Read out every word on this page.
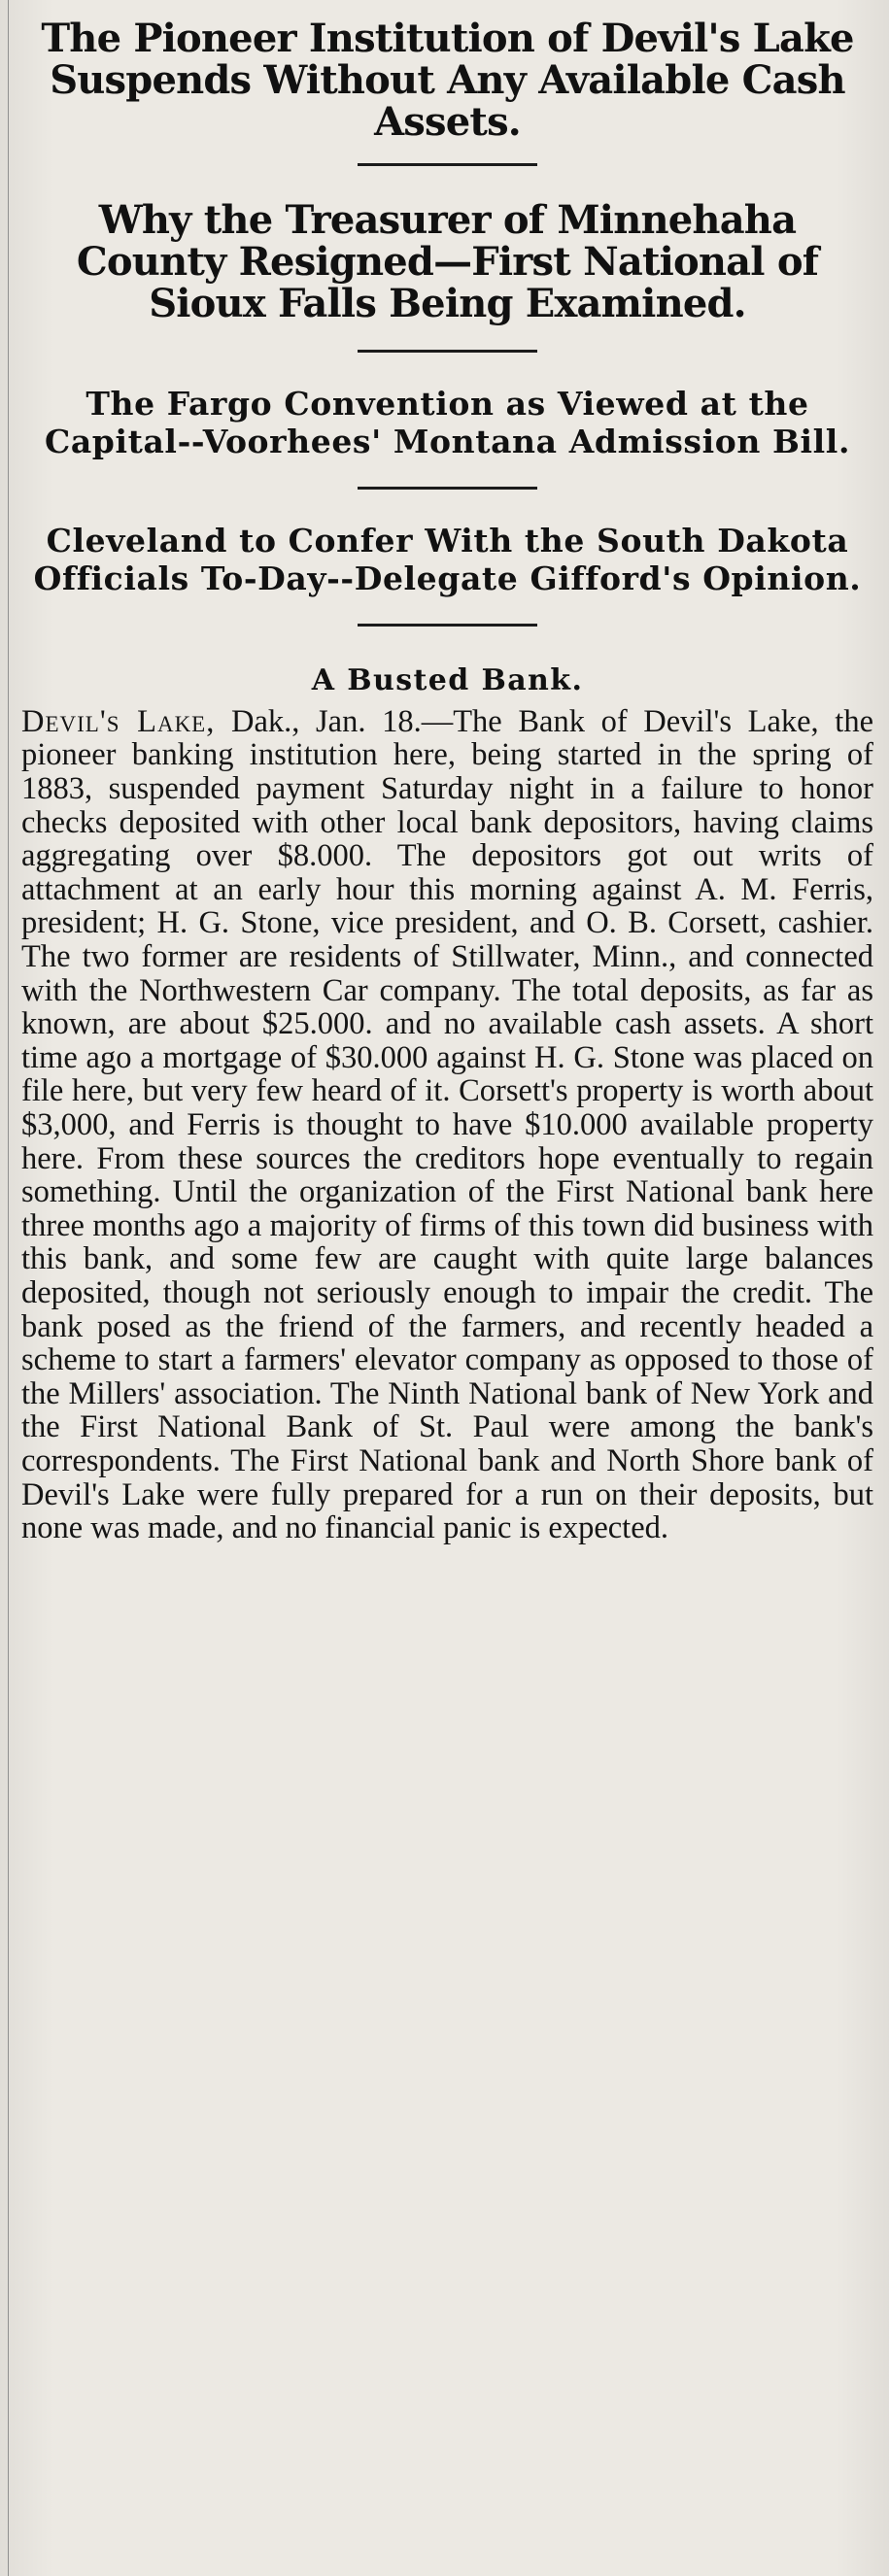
The Pioneer Institution of Devil's Lake Suspends Without Any Available Cash Assets.
Why the Treasurer of Minnehaha County Resigned—First National of Sioux Falls Being Examined.
The Fargo Convention as Viewed at the Capital--Voorhees' Montana Admission Bill.
Cleveland to Confer With the South Dakota Officials To-Day--Delegate Gifford's Opinion.
A Busted Bank.

Devil's Lake, Dak., Jan. 18.—The Bank of Devil's Lake, the pioneer banking institution here, being started in the spring of 1883, suspended payment Saturday night in a failure to honor checks deposited with other local bank depositors, having claims aggregating over $8.000. The depositors got out writs of attachment at an early hour this morning against A. M. Ferris, president; H. G. Stone, vice president, and O. B. Corsett, cashier. The two former are residents of Stillwater, Minn., and connected with the Northwestern Car company. The total deposits, as far as known, are about $25.000. and no available cash assets. A short time ago a mortgage of $30.000 against H. G. Stone was placed on file here, but very few heard of it. Corsett's property is worth about $3,000, and Ferris is thought to have $10.000 available property here. From these sources the creditors hope eventually to regain something. Until the organization of the First National bank here three months ago a majority of firms of this town did business with this bank, and some few are caught with quite large balances deposited, though not seriously enough to impair the credit. The bank posed as the friend of the farmers, and recently headed a scheme to start a farmers' elevator company as opposed to those of the Millers' association. The Ninth National bank of New York and the First National Bank of St. Paul were among the bank's correspondents. The First National bank and North Shore bank of Devil's Lake were fully prepared for a run on their deposits, but none was made, and no financial panic is expected.
